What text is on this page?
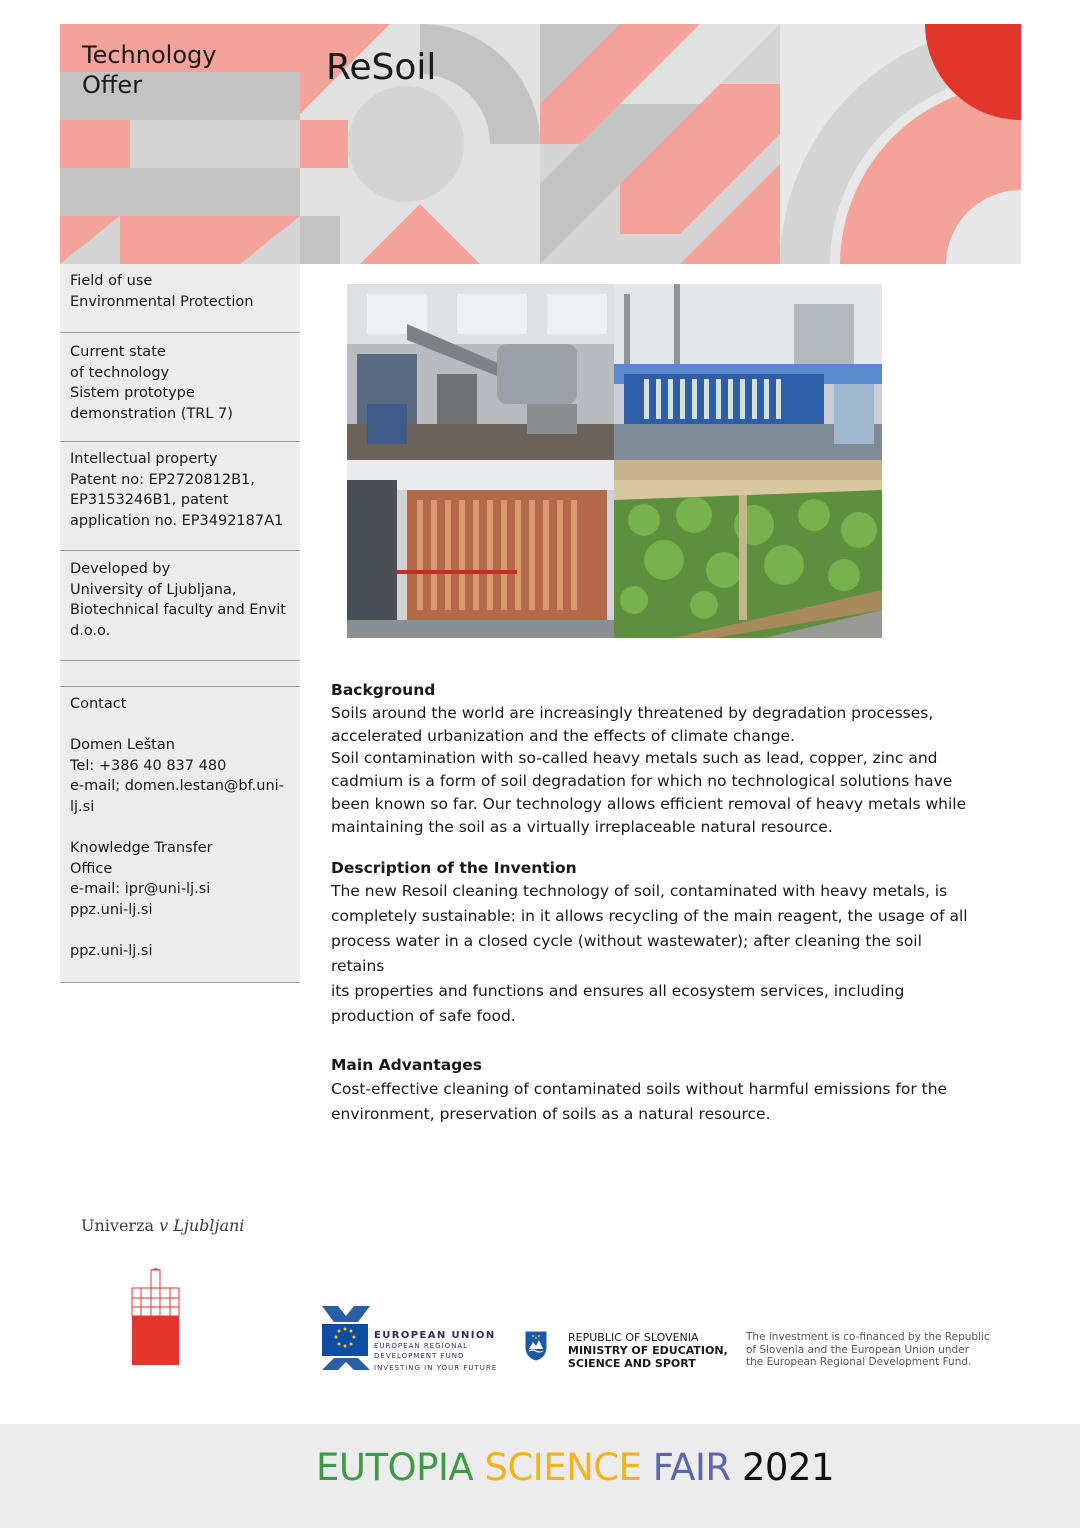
Technology
Offer	ReSoil

Field of use

Environmental Protection

Current state

of technology

Sistem prototype

demonstration (TRL 7)

Intellectual property

Patent no: EP2720812B1,

EP3153246B1, patent

application no. EP3492187A1

Developed by

University of Ljubljana,

Biotechnical faculty and Envit

d.o.o.

Contact

Domen Leštan

Tel: +386 40 837 480

e-mail; domen.lestan@bf.uni-

lj.si

Knowledge Transfer

Office

e-mail: ipr@uni-lj.si

ppz.uni-lj.si

ppz.uni-lj.si

Background

Soils around the world are increasingly threatened by degradation processes,

accelerated urbanization and the effects of climate change.

Soil contamination with so-called heavy metals such as lead, copper, zinc and

cadmium is a form of soil degradation for which no technological solutions have

been known so far. Our technology allows efficient removal of heavy metals while

maintaining the soil as a virtually irreplaceable natural resource.

Description of the Invention

The new Resoil cleaning technology of soil, contaminated with heavy metals, is

completely sustainable: in it allows recycling of the main reagent, the usage of all

process water in a closed cycle (without wastewater); after cleaning the soil retains

its properties and functions and ensures all ecosystem services, including

production of safe food.

Main Advantages

Cost-effective cleaning of contaminated soils without harmful emissions for the

environment, preservation of soils as a natural resource.

Univerza v Ljubljani
EUROPEAN UNION
EUROPEAN REGIONAL
DEVELOPMENT FUND
INVESTING IN YOUR FUTURE
REPUBLIC OF SLOVENIA
MINISTRY OF EDUCATION,
SCIENCE AND SPORT
The investment is co-financed by the Republic
of Slovenia and the European Union under
the European Regional Development Fund.
EUTOPIA SCIENCE FAIR 2021
